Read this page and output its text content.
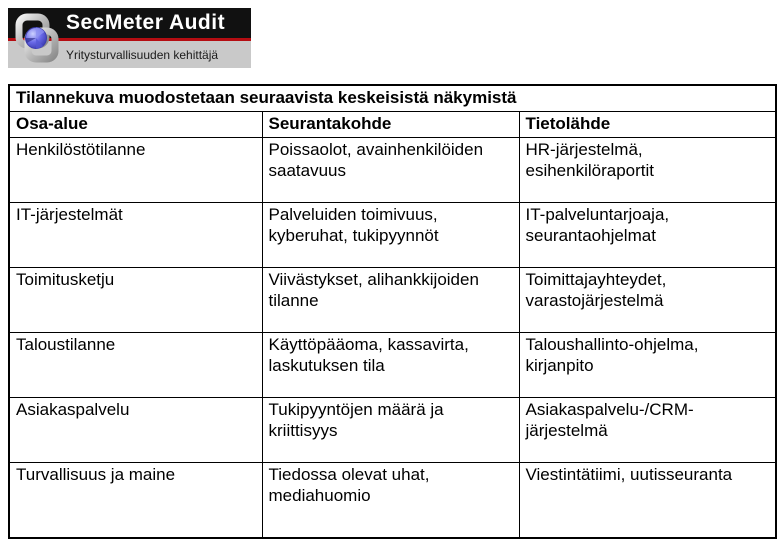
SecMeter Audit
Yritysturvallisuuden kehittäjä
Tilannekuva muodostetaan seuraavista keskeisistä näkymistä		
Osa-alue	Seurantakohde	Tietolähde
Henkilöstötilanne	Poissaolot, avainhenkilöiden saatavuus	HR-järjestelmä, esihenkilöraportit
IT-järjestelmät	Palveluiden toimivuus, kyberuhat, tukipyynnöt	IT-palveluntarjoaja, seurantaohjelmat
Toimitusketju	Viivästykset, alihankkijoiden tilanne	Toimittajayhteydet, varastojärjestelmä
Taloustilanne	Käyttöpääoma, kassavirta, laskutuksen tila	Taloushallinto-ohjelma, kirjanpito
Asiakaspalvelu	Tukipyyntöjen määrä ja kriittisyys	Asiakaspalvelu-/CRM-järjestelmä
Turvallisuus ja maine	Tiedossa olevat uhat, mediahuomio	Viestintätiimi, uutisseuranta
